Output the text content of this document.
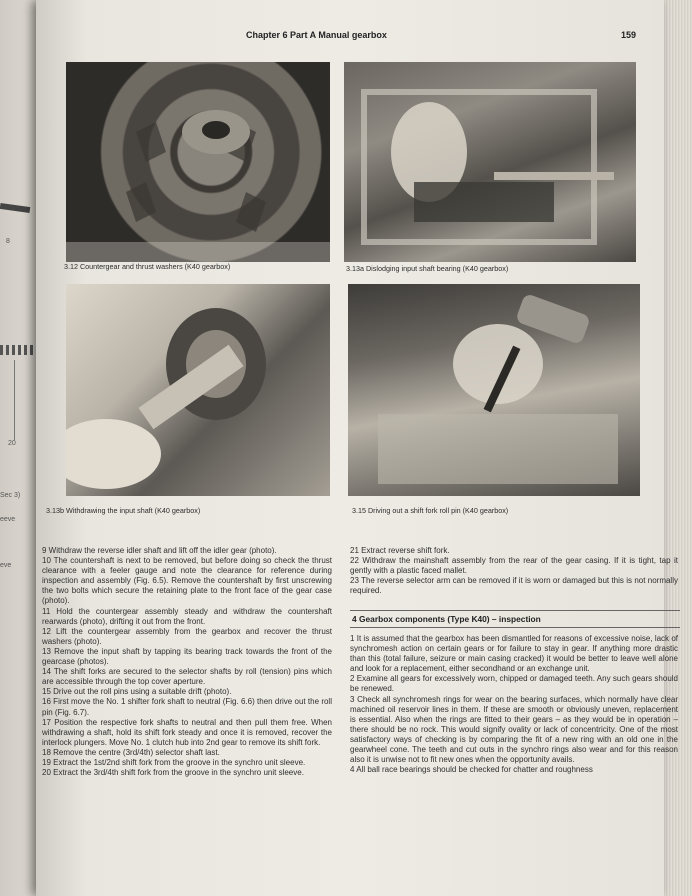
8
20
Sec 3)
eeve
eve
Chapter 6 Part A Manual gearbox	159
3.12 Countergear and thrust washers (K40 gearbox)	3.13a Dislodging input shaft bearing (K40 gearbox)
3.13b Withdrawing the input shaft (K40 gearbox)	3.15 Driving out a shift fork roll pin (K40 gearbox)

9 Withdraw the reverse idler shaft and lift off the idler gear (photo).

10 The countershaft is next to be removed, but before doing so check the thrust clearance with a feeler gauge and note the clearance for reference during inspection and assembly (Fig. 6.5). Remove the countershaft by first unscrewing the two bolts which secure the retaining plate to the front face of the gear case (photo).

11 Hold the countergear assembly steady and withdraw the countershaft rearwards (photo), drifting it out from the front.

12 Lift the countergear assembly from the gearbox and recover the thrust washers (photo).

13 Remove the input shaft by tapping its bearing track towards the front of the gearcase (photos).

14 The shift forks are secured to the selector shafts by roll (tension) pins which are accessible through the top cover aperture.

15 Drive out the roll pins using a suitable drift (photo).

16 First move the No. 1 shifter fork shaft to neutral (Fig. 6.6) then drive out the roll pin (Fig. 6.7).

17 Position the respective fork shafts to neutral and then pull them free. When withdrawing a shaft, hold its shift fork steady and once it is removed, recover the interlock plungers. Move No. 1 clutch hub into 2nd gear to remove its shift fork.

18 Remove the centre (3rd/4th) selector shaft last.

19 Extract the 1st/2nd shift fork from the groove in the synchro unit sleeve.

20 Extract the 3rd/4th shift fork from the groove in the synchro unit sleeve.

21 Extract reverse shift fork.

22 Withdraw the mainshaft assembly from the rear of the gear casing. If it is tight, tap it gently with a plastic faced mallet.

23 The reverse selector arm can be removed if it is worn or damaged but this is not normally required.

4 Gearbox components (Type K40) – inspection

1 It is assumed that the gearbox has been dismantled for reasons of excessive noise, lack of synchromesh action on certain gears or for failure to stay in gear. If anything more drastic than this (total failure, seizure or main casing cracked) it would be better to leave well alone and look for a replacement, either secondhand or an exchange unit.

2 Examine all gears for excessively worn, chipped or damaged teeth. Any such gears should be renewed.

3 Check all synchromesh rings for wear on the bearing surfaces, which normally have clear machined oil reservoir lines in them. If these are smooth or obviously uneven, replacement is essential. Also when the rings are fitted to their gears – as they would be in operation – there should be no rock. This would signify ovality or lack of concentricity. One of the most satisfactory ways of checking is by comparing the fit of a new ring with an old one in the gearwheel cone. The teeth and cut outs in the synchro rings also wear and for this reason also it is unwise not to fit new ones when the opportunity avails.

4 All ball race bearings should be checked for chatter and roughness
